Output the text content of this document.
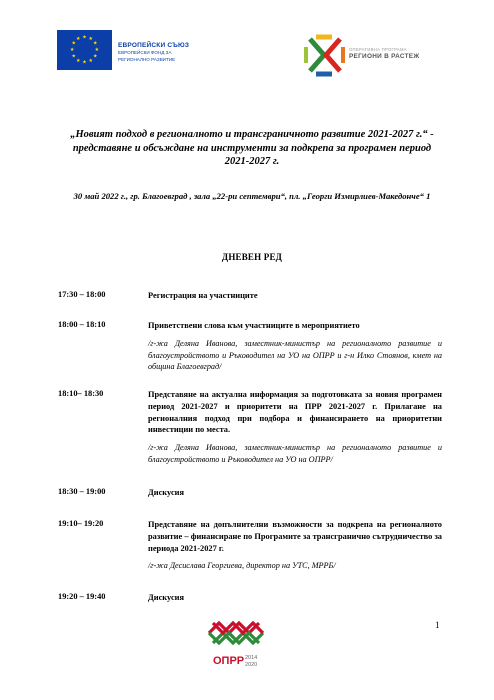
★ ★
★
★
★
★
★
★
★
★
★
★
ЕВРОПЕЙСКИ СЪЮЗ
ЕВРОПЕЙСКИ ФОНД ЗА
РЕГИОНАЛНО РАЗВИТИЕ
ОПЕРАТИВНА ПРОГРАМА
РЕГИОНИ В РАСТЕЖ
„Новият подход в регионалното и трансграничното развитие 2021-2027 г.“ - представяне и обсъждане на инструменти за подкрепа за програмен период 2021-2027 г.
30 май 2022 г., гр. Благоевград , зала „22-ри септември“, пл. „Георги Измирлиев-Македончe“ 1
ДНЕВЕН РЕД
17:30 – 18:00	Регистрация на участниците
18:00 – 18:10	Приветствени слова към участниците в мероприятието
/г-жа Деляна Иванова, заместник-министър на регионалното развитие и благоустройството и Ръководител на УО на ОПРР и г-н Илко Стоянов, кмет на община Благоевград/
18:10– 18:30	Представяне на актуална информация за подготовката за новия програмен период 2021-2027 и приоритети на ПРР 2021-2027 г. Прилагане на регионалния подход при подбора и финансирането на приоритетни инвестиции по места.
/г-жа Деляна Иванова, заместник-министър на регионалното развитие и благоустройството и Ръководител на УО на ОПРР/
18:30 – 19:00	Дискусия
19:10– 19:20	Представяне на допълнителни възможности за подкрепа на регионалното развитие – финансиране по Програмите за трансгранично сътрудничество за периода 2021-2027 г.
/г-жа Десислава Георгиева, директор на УТС, МРРБ/
19:20 – 19:40	Дискусия
1
ОПРР 2014
2020
